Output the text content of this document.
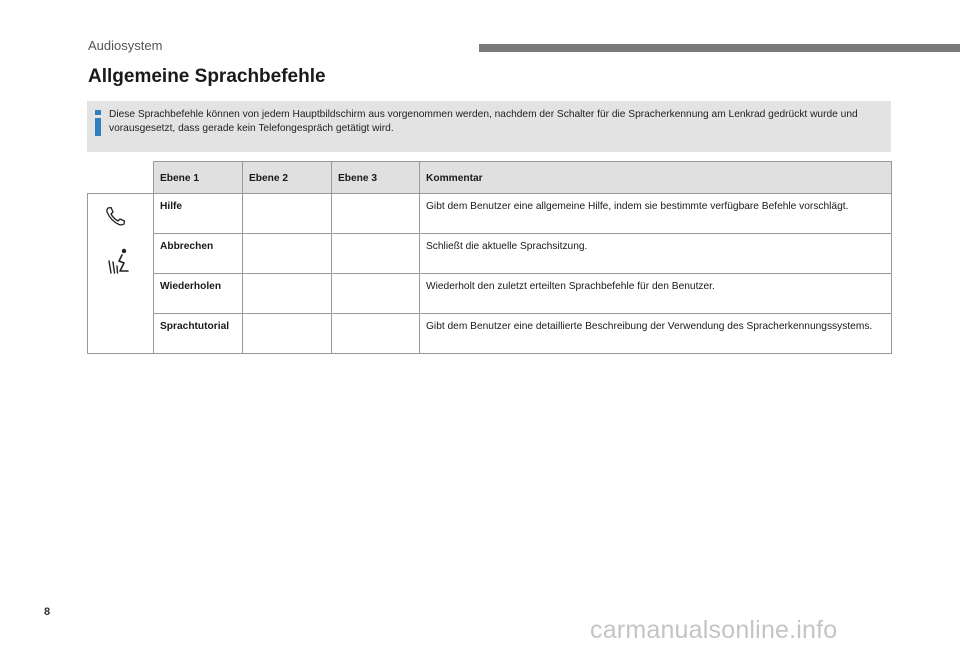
Audiosystem
Allgemeine Sprachbefehle

Diese Sprachbefehle können von jedem Hauptbildschirm aus vorgenommen werden, nachdem der Schalter für die Spracherkennung am Lenkrad gedrückt wurde und vorausgesetzt, dass gerade kein Telefongespräch getätigt wird.

	Ebene 1	Ebene 2	Ebene 3	Kommentar

	Hilfe			Gibt dem Benutzer eine allgemeine Hilfe, indem sie bestimmte verfügbare Befehle vorschlägt.
	Abbrechen			Schließt die aktuelle Sprachsitzung.
	Wiederholen			Wiederholt den zuletzt erteilten Sprachbefehle für den Benutzer.
	Sprachtutorial			Gibt dem Benutzer eine detaillierte Beschreibung der Verwendung des Spracherkennungssystems.
8
carmanualsonline.info
